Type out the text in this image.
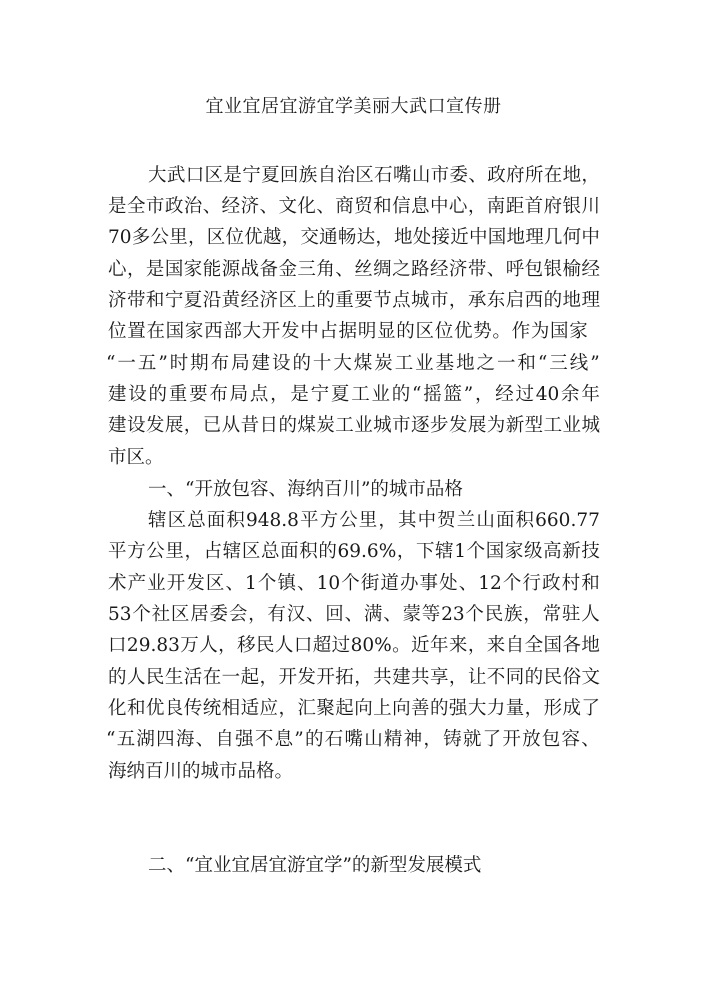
宜业宜居宜游宜学美丽大武口宣传册
大 武 口 区 是 宁 夏 回 族 自 治 区 石 嘴 山 市 委 、 政 府 所 在 地 ，
是 全 市 政 治 、 经 济 、 文 化 、 商 贸 和 信 息 中 心 ， 南 距 首 府 银 川
70 多 公 里 ， 区 位 优 越 ， 交 通 畅 达 ， 地 处 接 近 中 国 地 理 几 何 中
心 ， 是 国 家 能 源 战 备 金 三 角 、 丝 绸 之 路 经 济 带 、 呼 包 银 榆 经
济 带 和 宁 夏 沿 黄 经 济 区 上 的 重 要 节 点 城 市 ， 承 东 启 西 的 地 理
位 置 在 国 家 西 部 大 开 发 中 占 据 明 显 的 区 位 优 势 。 作 为 国 家
“ 一 五 ” 时 期 布 局 建 设 的 十 大 煤 炭 工 业 基 地 之 一 和 “ 三 线 ”
建 设 的 重 要 布 局 点 ， 是 宁 夏 工 业 的 “ 摇 篮 ” ， 经 过 40 余 年
建 设 发 展 ， 已 从 昔 日 的 煤 炭 工 业 城 市 逐 步 发 展 为 新 型 工 业 城
市区。
一、“开放包容、海纳百川”的城市品格
辖 区 总 面 积 948.8 平 方 公 里 ， 其 中 贺 兰 山 面 积 660.77
平 方 公 里 ， 占 辖 区 总 面 积 的 69.6% ， 下 辖 1 个 国 家 级 高 新 技
术 产 业 开 发 区 、 1 个 镇 、 10 个 街 道 办 事 处 、 12 个 行 政 村 和
53 个 社 区 居 委 会 ， 有 汉 、 回 、 满 、 蒙 等 23 个 民 族 ， 常 驻 人
口 29.83 万 人 ， 移 民 人 口 超 过 80% 。 近 年 来 ， 来 自 全 国 各 地
的 人 民 生 活 在 一 起 ， 开 发 开 拓 ， 共 建 共 享 ， 让 不 同 的 民 俗 文
化 和 优 良 传 统 相 适 应 ， 汇 聚 起 向 上 向 善 的 强 大 力 量 ， 形 成 了
“ 五 湖 四 海 、 自 强 不 息 ” 的 石 嘴 山 精 神 ， 铸 就 了 开 放 包 容 、
海纳百川的城市品格。
二、“宜业宜居宜游宜学”的新型发展模式
